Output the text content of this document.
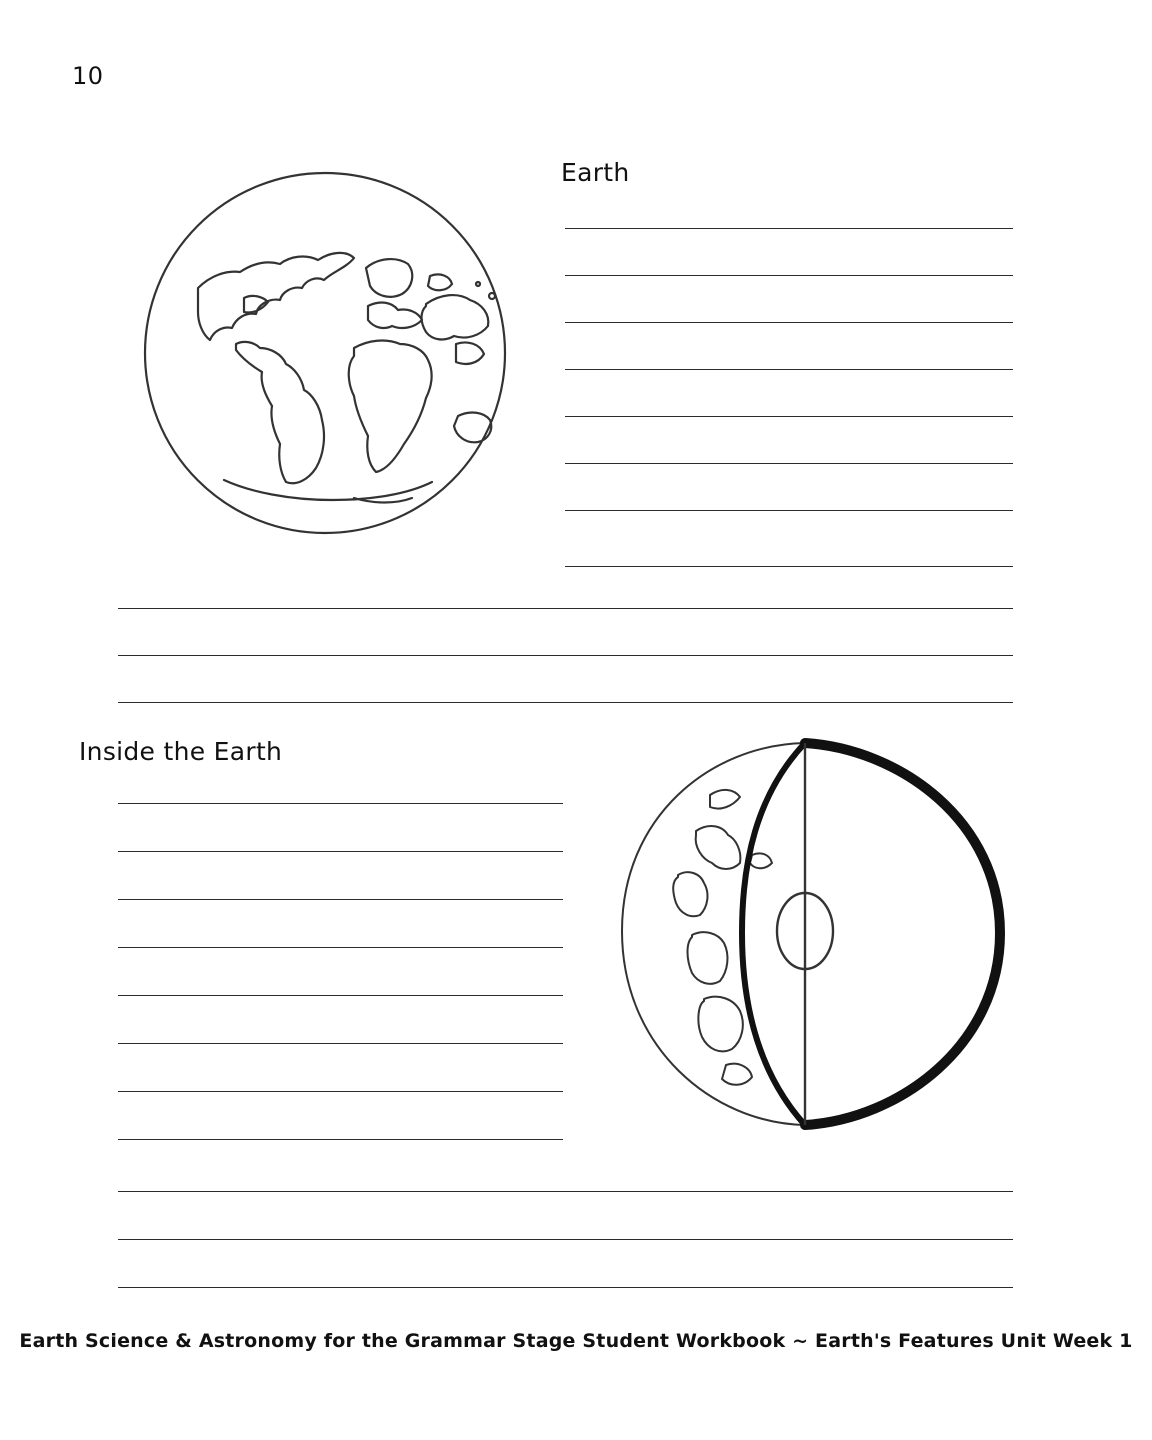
10
Earth
Inside the Earth
Earth Science & Astronomy for the Grammar Stage Student Workbook ~ Earth's Features Unit Week 1
